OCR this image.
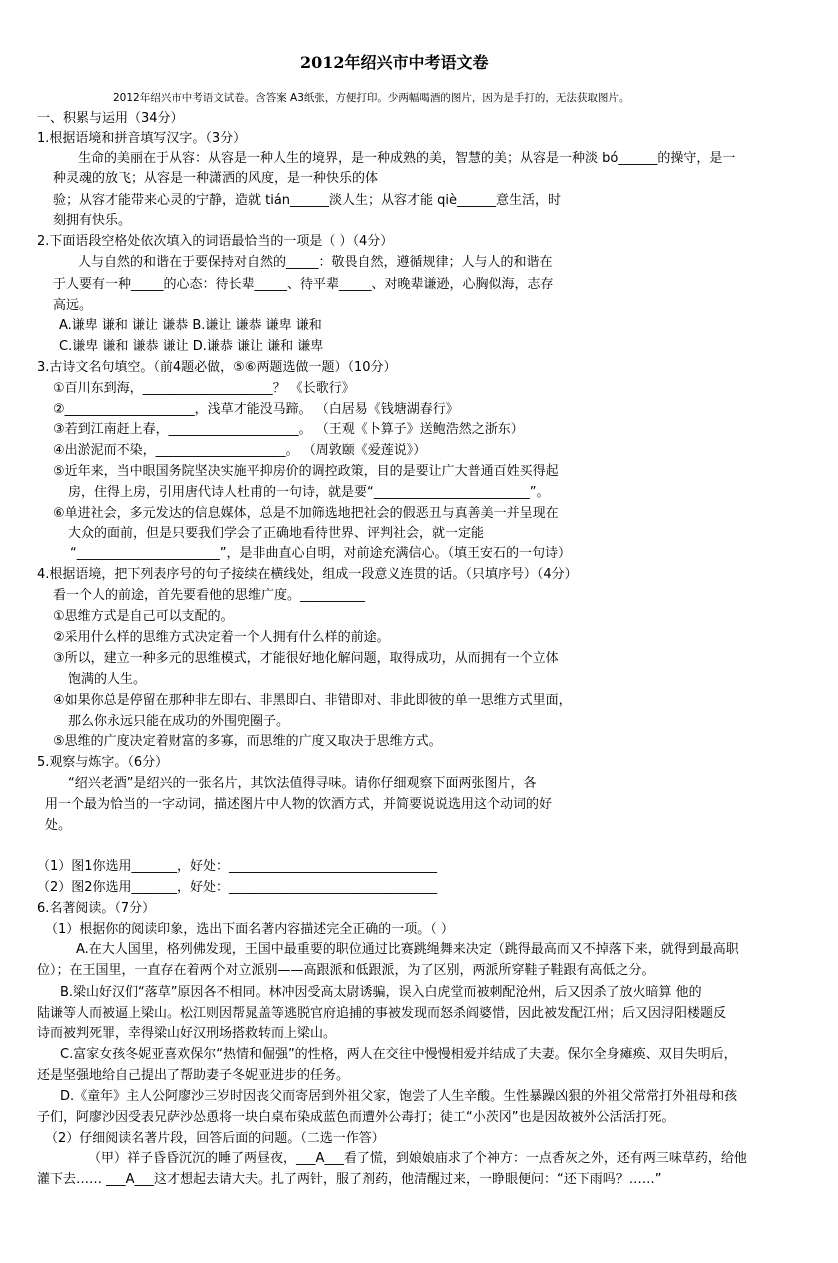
2012年绍兴市中考语文卷
2012年绍兴市中考语文试卷。含答案 A3纸张，方便打印。少两幅喝酒的图片，因为是手打的，无法获取图片。
一、积累与运用（34分）
1.根据语境和拼音填写汉字。（3分）
生命的美丽在于从容：从容是一种人生的境界，是一种成熟的美，智慧的美；从容是一种淡 bó______的操守，是一
种灵魂的放飞；从容是一种潇洒的风度，是一种快乐的体
验；从容才能带来心灵的宁静，造就 tián______淡人生；从容才能 qiè______意生活，时
刻拥有快乐。
2.下面语段空格处依次填入的词语最恰当的一项是（ ）（4分）
人与自然的和谐在于要保持对自然的_____：敬畏自然，遵循规律；人与人的和谐在
于人要有一种_____的心态：待长辈_____、待平辈_____、对晚辈谦逊，心胸似海，志存
高远。
A.谦卑 谦和 谦让 谦恭 B.谦让 谦恭 谦卑 谦和
C.谦卑 谦和 谦恭 谦让 D.谦恭 谦让 谦和 谦卑
3.古诗文名句填空。（前4题必做，⑤⑥两题选做一题）（10分）
①百川东到海，____________________？ 《长歌行》
②____________________，浅草才能没马蹄。 （白居易《钱塘湖春行》
③若到江南赶上春，____________________。 （王观《卜算子》送鲍浩然之浙东）
④出淤泥而不染，____________________。 （周敦颐《爱莲说》）
⑤近年来，当中眼国务院坚决实施平抑房价的调控政策，目的是要让广大普通百姓买得起
房，住得上房，引用唐代诗人杜甫的一句诗，就是要“________________________”。
⑥单进社会，多元发达的信息媒体，总是不加筛选地把社会的假恶丑与真善美一并呈现在
大众的面前，但是只要我们学会了正确地看待世界、评判社会，就一定能
“______________________”，是非曲直心自明，对前途充满信心。（填王安石的一句诗）
4.根据语境，把下列表序号的句子接续在横线处，组成一段意义连贯的话。（只填序号）（4分）
看一个人的前途，首先要看他的思维广度。__________
①思维方式是自己可以支配的。
②采用什么样的思维方式决定着一个人拥有什么样的前途。
③所以，建立一种多元的思维模式，才能很好地化解问题，取得成功，从而拥有一个立体
饱满的人生。
④如果你总是停留在那种非左即右、非黑即白、非错即对、非此即彼的单一思维方式里面，
那么你永远只能在成功的外围兜圈子。
⑤思维的广度决定着财富的多寡，而思维的广度又取决于思维方式。
5.观察与炼字。（6分）
“绍兴老酒”是绍兴的一张名片，其饮法值得寻味。请你仔细观察下面两张图片，各
用一个最为恰当的一字动词，描述图片中人物的饮酒方式，并简要说说选用这个动词的好
处。
（1）图1你选用_______，好处：________________________________
（2）图2你选用_______，好处：________________________________
6.名著阅读。（7分）
（1）根据你的阅读印象，选出下面名著内容描述完全正确的一项。（ ）
A.在大人国里，格列佛发现，王国中最重要的职位通过比赛跳绳舞来决定（跳得最高而又不掉落下来，就得到最高职
位）；在王国里，一直存在着两个对立派别——高跟派和低跟派，为了区别，两派所穿鞋子鞋跟有高低之分。
B.梁山好汉们“落草”原因各不相同。林冲因受高太尉诱骗，误入白虎堂而被刺配沧州，后又因杀了放火暗算 他的
陆谦等人而被逼上梁山。松江则因帮晁盖等逃脱官府追捕的事被发现而怒杀阎婆惜，因此被发配江州；后又因浔阳楼题反
诗而被判死罪，幸得梁山好汉刑场搭救转而上梁山。
C.富家女孩冬妮亚喜欢保尔“热情和倔强”的性格，两人在交往中慢慢相爱并结成了夫妻。保尔全身瘫痪、双目失明后，
还是坚强地给自己提出了帮助妻子冬妮亚进步的任务。
D.《童年》主人公阿廖沙三岁时因丧父而寄居到外祖父家，饱尝了人生辛酸。生性暴躁凶狠的外祖父常常打外祖母和孩
子们，阿廖沙因受表兄萨沙怂恿将一块白桌布染成蓝色而遭外公毒打；徒工“小茨冈”也是因故被外公活活打死。
（2）仔细阅读名著片段，回答后面的问题。（二选一作答）
（甲）祥子昏昏沉沉的睡了两昼夜，___A___看了慌，到娘娘庙求了个神方：一点香灰之外，还有两三味草药，给他
灌下去…… ___A___这才想起去请大夫。扎了两针，服了剂药，他清醒过来，一睁眼便问：“还下雨吗？……”
